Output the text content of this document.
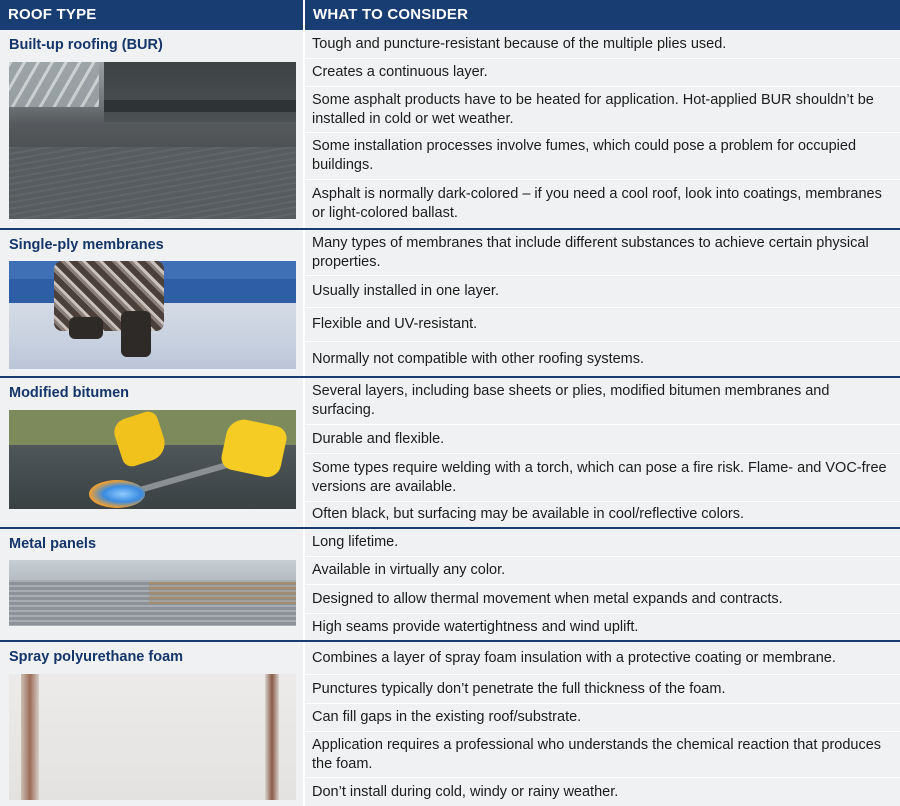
ROOF TYPE	WHAT TO CONSIDER
Built-up roofing (BUR)	Tough and puncture-resistant because of the multiple plies used.
Creates a continuous layer.
Some asphalt products have to be heated for application. Hot-applied BUR shouldn’t be installed in cold or wet weather.
Some installation processes involve fumes, which could pose a problem for occupied buildings.
Asphalt is normally dark-colored – if you need a cool roof, look into coatings, membranes or light-colored ballast.
Single-ply membranes	Many types of membranes that include different substances to achieve certain physical properties.
Usually installed in one layer.
Flexible and UV-resistant.
Normally not compatible with other roofing systems.
Modified bitumen	Several layers, including base sheets or plies, modified bitumen membranes and surfacing.
Durable and flexible.
Some types require welding with a torch, which can pose a fire risk. Flame- and VOC-free versions are available.
Often black, but surfacing may be available in cool/reflective colors.
Metal panels	Long lifetime.
Available in virtually any color.
Designed to allow thermal movement when metal expands and contracts.
High seams provide watertightness and wind uplift.
Spray polyurethane foam	Combines a layer of spray foam insulation with a protective coating or membrane.
Punctures typically don’t penetrate the full thickness of the foam.
Can fill gaps in the existing roof/substrate.
Application requires a professional who understands the chemical reaction that produces the foam.
Don’t install during cold, windy or rainy weather.
